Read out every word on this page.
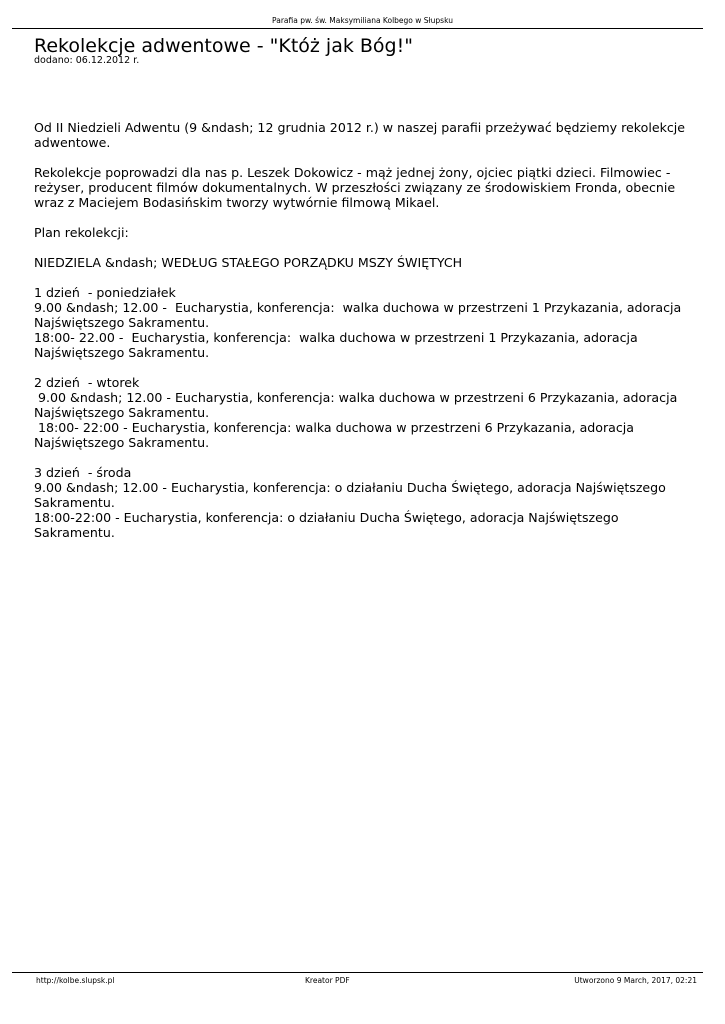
Parafia pw. św. Maksymiliana Kolbego w Słupsku
Rekolekcje adwentowe - "Któż jak Bóg!"
dodano: 06.12.2012 r.

Od II Niedzieli Adwentu (9 &ndash; 12 grudnia 2012 r.) w naszej parafii przeżywać będziemy rekolekcje adwentowe.

Rekolekcje poprowadzi dla nas p. Leszek Dokowicz - mąż jednej żony, ojciec piątki dzieci. Filmowiec - reżyser, producent filmów dokumentalnych. W przeszłości związany ze środowiskiem Fronda, obecnie wraz z Maciejem Bodasińskim tworzy wytwórnie filmową Mikael.

Plan rekolekcji:

NIEDZIELA &ndash; WEDŁUG STAŁEGO PORZĄDKU MSZY ŚWIĘTYCH

1 dzień  - poniedziałek
9.00 &ndash; 12.00 -  Eucharystia, konferencja:  walka duchowa w przestrzeni 1 Przykazania, adoracja Najświętszego Sakramentu.
18:00- 22.00 -  Eucharystia, konferencja:  walka duchowa w przestrzeni 1 Przykazania, adoracja Najświętszego Sakramentu.

2 dzień  - wtorek
9.00 &ndash; 12.00 - Eucharystia, konferencja: walka duchowa w przestrzeni 6 Przykazania, adoracja Najświętszego Sakramentu.
18:00- 22:00 - Eucharystia, konferencja: walka duchowa w przestrzeni 6 Przykazania, adoracja Najświętszego Sakramentu.

3 dzień  - środa
9.00 &ndash; 12.00 - Eucharystia, konferencja: o działaniu Ducha Świętego, adoracja Najświętszego Sakramentu.
18:00-22:00 - Eucharystia, konferencja: o działaniu Ducha Świętego, adoracja Najświętszego Sakramentu.

http://kolbe.slupsk.pl	Kreator PDF	Utworzono 9 March, 2017, 02:21
